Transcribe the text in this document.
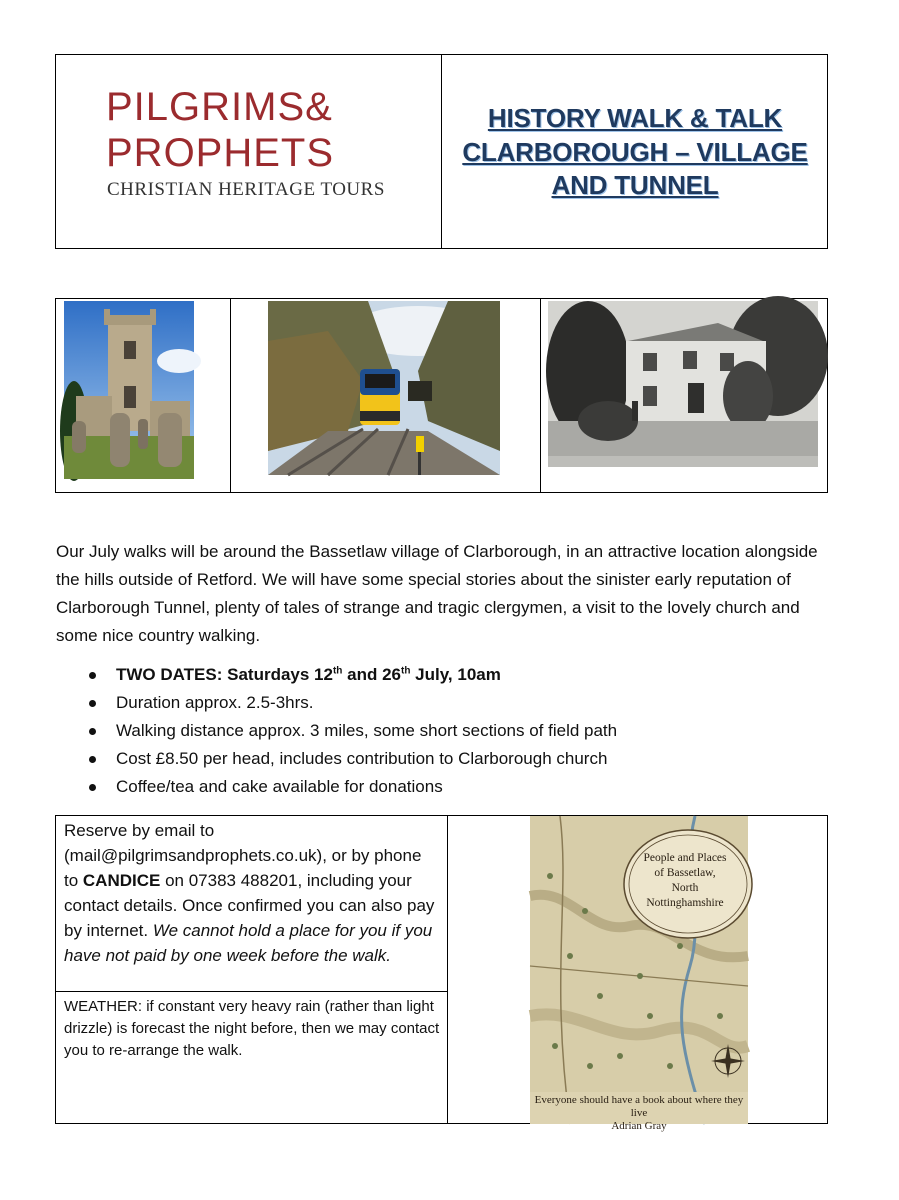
PILGRIMS&
PROPHETS
CHRISTIAN HERITAGE TOURS
HISTORY WALK & TALK
CLARBOROUGH – VILLAGE
AND TUNNEL
Our July walks will be around the Bassetlaw village of Clarborough, in an attractive location alongside the hills outside of Retford. We will have some special stories about the sinister early reputation of Clarborough Tunnel, plenty of tales of strange and tragic clergymen, a visit to the lovely church and some nice country walking.
TWO DATES: Saturdays 12th and 26th July, 10am
Duration approx. 2.5-3hrs.
Walking distance approx. 3 miles, some short sections of field path
Cost £8.50 per head, includes contribution to Clarborough church
Coffee/tea and cake available for donations
Reserve by email to (mail@pilgrimsandprophets.co.uk), or by phone to CANDICE on 07383 488201, including your contact details. Once confirmed you can also pay by internet. We cannot hold a place for you if you have not paid by one week before the walk.
WEATHER: if constant very heavy rain (rather than light drizzle) is forecast the night before, then we may contact you to re-arrange the walk.
People and Places
of Bassetlaw,
North
Nottinghamshire
Everyone should have a book about where they live
Adrian Gray
